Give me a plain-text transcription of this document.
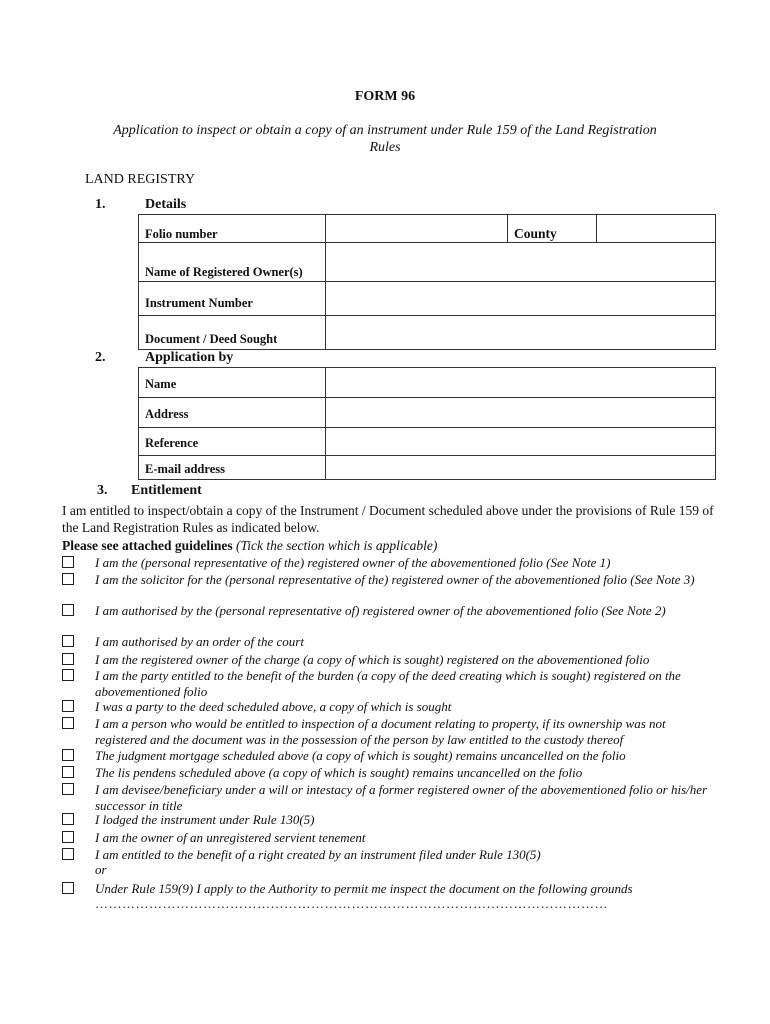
FORM 96
Application to inspect or obtain a copy of an instrument under Rule 159 of the Land Registration Rules
LAND REGISTRY
1.	Details
Folio number		County	
Name of Registered Owner(s)			
Instrument Number			
Document / Deed Sought			
2.	Application by
Name	
Address	
Reference	
E-mail address	
3. Entitlement
I am entitled to inspect/obtain a copy of the Instrument / Document scheduled above under the provisions of Rule 159 of the Land Registration Rules as indicated below.
Please see attached guidelines (Tick the section which is applicable)
I am the (personal representative of the) registered owner of the abovementioned folio (See Note 1)
I am the solicitor for the (personal representative of the) registered owner of the abovementioned folio (See Note 3)
I am authorised by the (personal representative of) registered owner of the abovementioned folio (See Note 2)
I am authorised by an order of the court
I am the registered owner of the charge (a copy of which is sought) registered on the abovementioned folio
I am the party entitled to the benefit of the burden (a copy of the deed creating which is sought) registered on the abovementioned folio
I was a party to the deed scheduled above, a copy of which is sought
I am a person who would be entitled to inspection of a document relating to property, if its ownership was not registered and the document was in the possession of the person by law entitled to the custody thereof
The judgment mortgage scheduled above (a copy of which is sought) remains uncancelled on the folio
The lis pendens scheduled above (a copy of which is sought) remains uncancelled on the folio
I am devisee/beneficiary under a will or intestacy of a former registered owner of the abovementioned folio or his/her successor in title
I lodged the instrument under Rule 130(5)
I am the owner of an unregistered servient tenement
I am entitled to the benefit of a right created by an instrument filed under Rule 130(5)
or
Under Rule 159(9) I apply to the Authority to permit me inspect the document on the following grounds
……………………………………………………………………………………………………
